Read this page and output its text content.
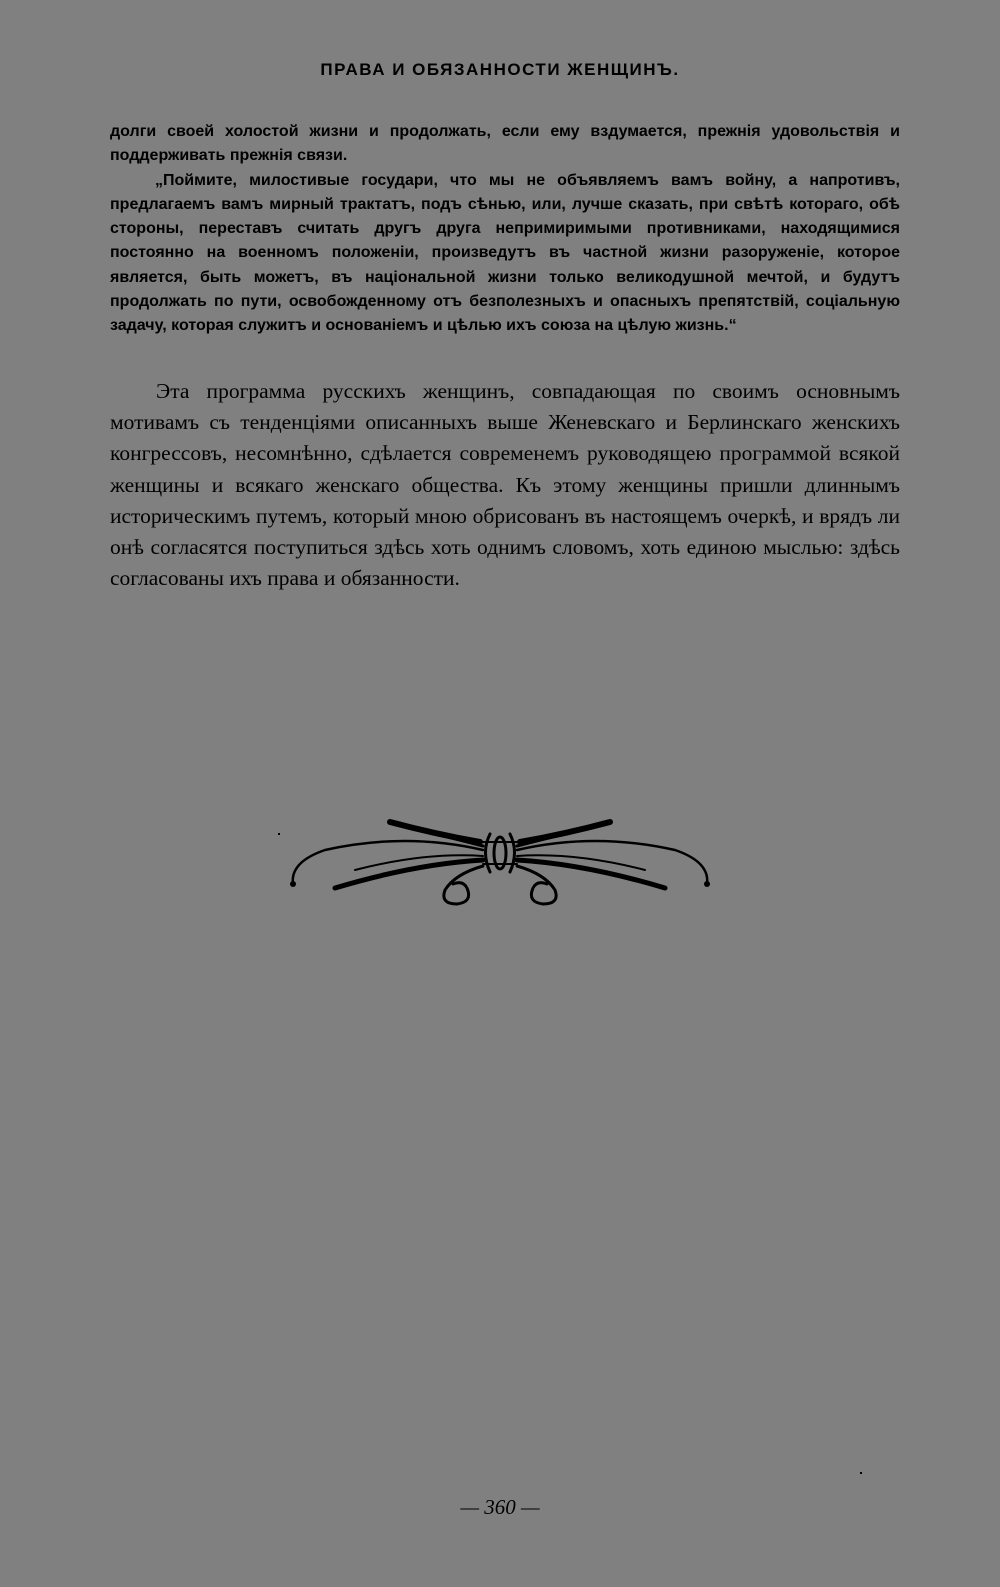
ПРАВА И ОБЯЗАННОСТИ ЖЕНЩИНЪ.

долги своей холостой жизни и продолжать, если ему вздумается, прежнія удовольствія и поддерживать прежнія связи.

„Поймите, милостивые государи, что мы не объявляемъ вамъ войну, а напротивъ, предлагаемъ вамъ мирный трактатъ, подъ сѣнью, или, лучше сказать, при свѣтѣ котораго, обѣ стороны, переставъ считать другъ друга непримиримыми противниками, находящимися постоянно на военномъ положеніи, произведутъ въ частной жизни разоруженіе, которое является, быть можетъ, въ національной жизни только великодушной мечтой, и будутъ продолжать по пути, освобожденному отъ безполезныхъ и опасныхъ препятствій, соціальную задачу, которая служитъ и основаніемъ и цѣлью ихъ союза на цѣлую жизнь.“

Эта программа русскихъ женщинъ, совпадающая по своимъ основнымъ мотивамъ съ тенденціями описанныхъ выше Женевскаго и Берлинскаго женскихъ конгрессовъ, несомнѣнно, сдѣлается современемъ руководящею программой всякой женщины и всякаго женскаго общества. Къ этому женщины пришли длиннымъ историческимъ путемъ, который мною обрисованъ въ настоящемъ очеркѣ, и врядъ ли онѣ согласятся поступиться здѣсь хоть однимъ словомъ, хоть единою мыслью: здѣсь согласованы ихъ права и обязанности.

— 360 —
